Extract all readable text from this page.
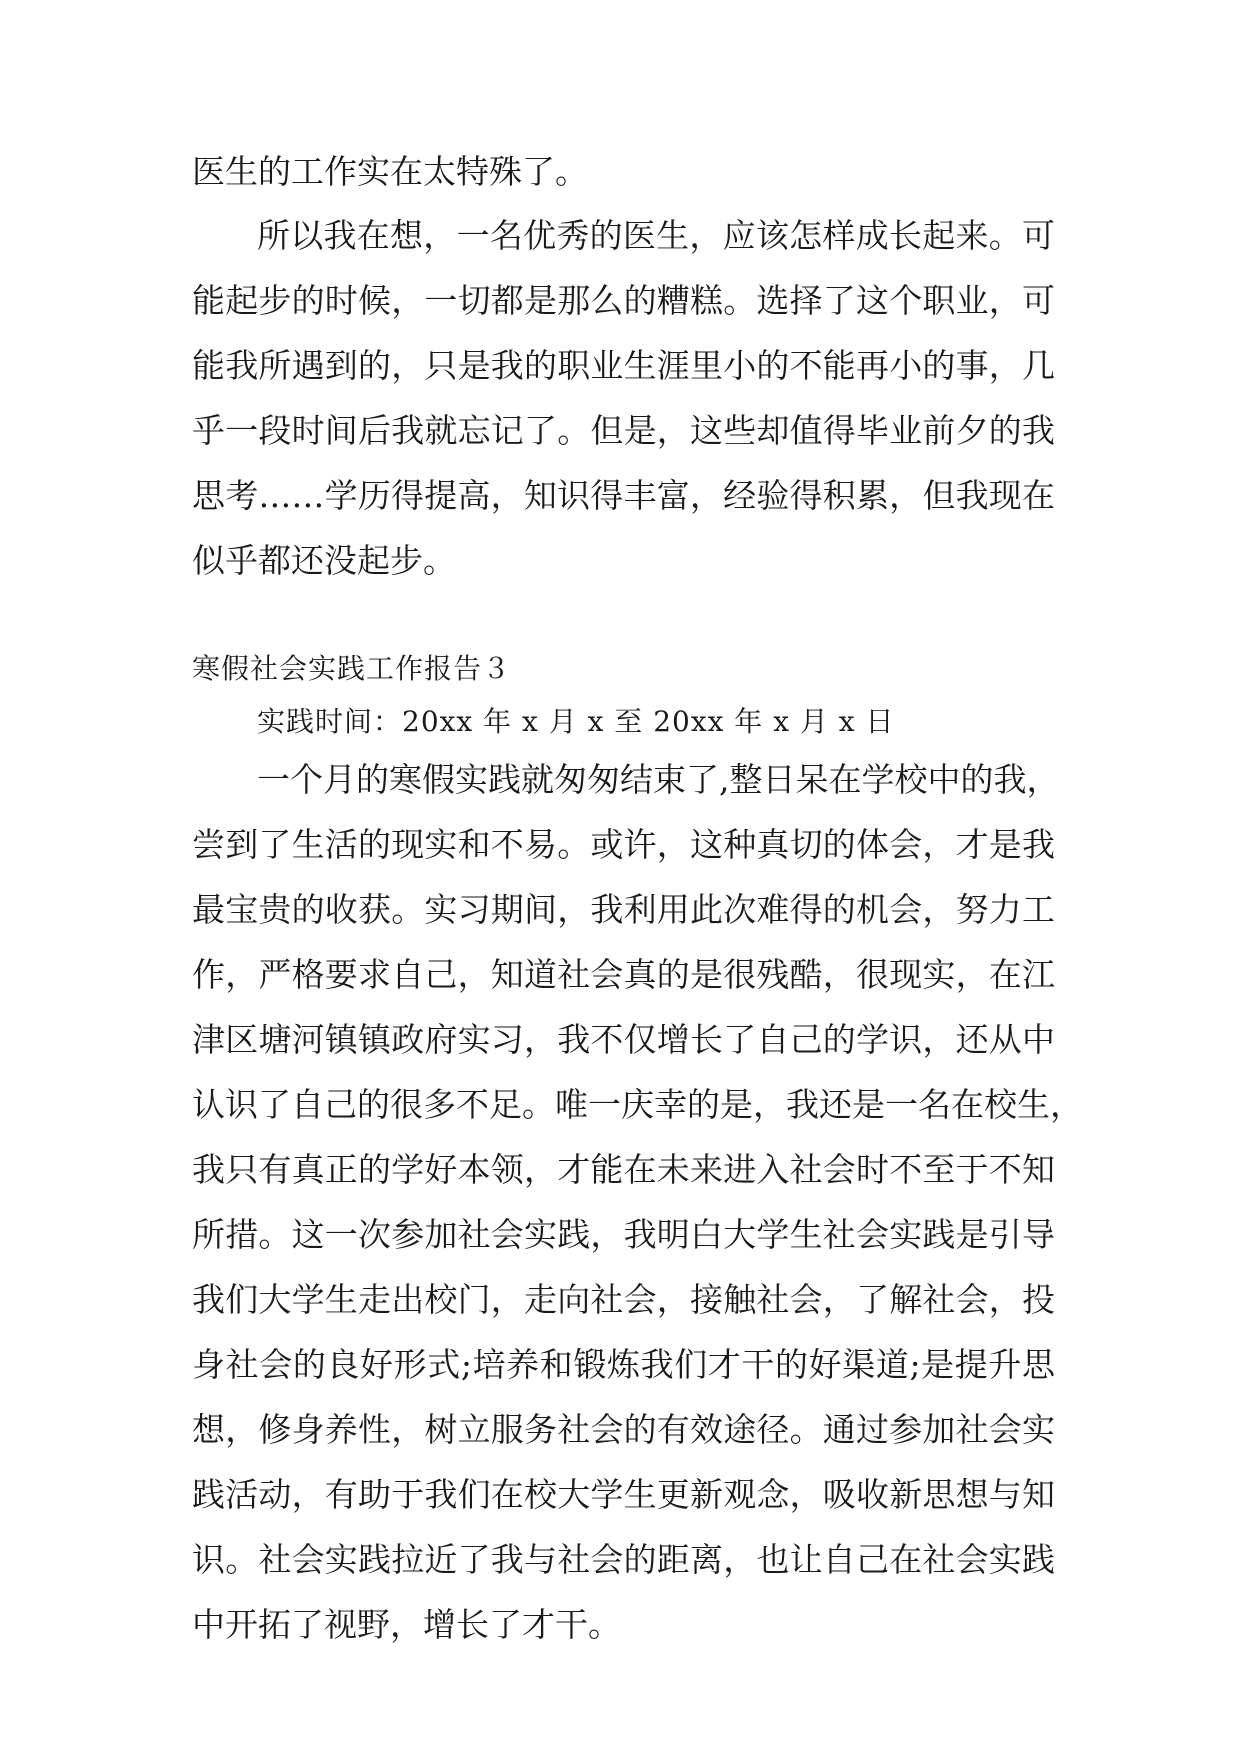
医生的工作实在太特殊了。
所以我在想，一名优秀的医生，应该怎样成长起来。可
能起步的时候，一切都是那么的糟糕。选择了这个职业，可
能我所遇到的，只是我的职业生涯里小的不能再小的事，几
乎一段时间后我就忘记了。但是，这些却值得毕业前夕的我
思考……学历得提高，知识得丰富，经验得积累，但我现在
似乎都还没起步。
寒假社会实践工作报告３
实践时间：20xx 年 x 月 x 至 20xx 年 x 月 x 日
一个月的寒假实践就匆匆结束了,整日呆在学校中的我，
尝到了生活的现实和不易。或许，这种真切的体会，才是我
最宝贵的收获。实习期间，我利用此次难得的机会，努力工
作，严格要求自己，知道社会真的是很残酷，很现实，在江
津区塘河镇镇政府实习，我不仅增长了自己的学识，还从中
认识了自己的很多不足。唯一庆幸的是，我还是一名在校生，
我只有真正的学好本领，才能在未来进入社会时不至于不知
所措。这一次参加社会实践，我明白大学生社会实践是引导
我们大学生走出校门，走向社会，接触社会，了解社会，投
身社会的良好形式;培养和锻炼我们才干的好渠道;是提升思
想，修身养性，树立服务社会的有效途径。通过参加社会实
践活动，有助于我们在校大学生更新观念，吸收新思想与知
识。社会实践拉近了我与社会的距离，也让自己在社会实践
中开拓了视野，增长了才干。
